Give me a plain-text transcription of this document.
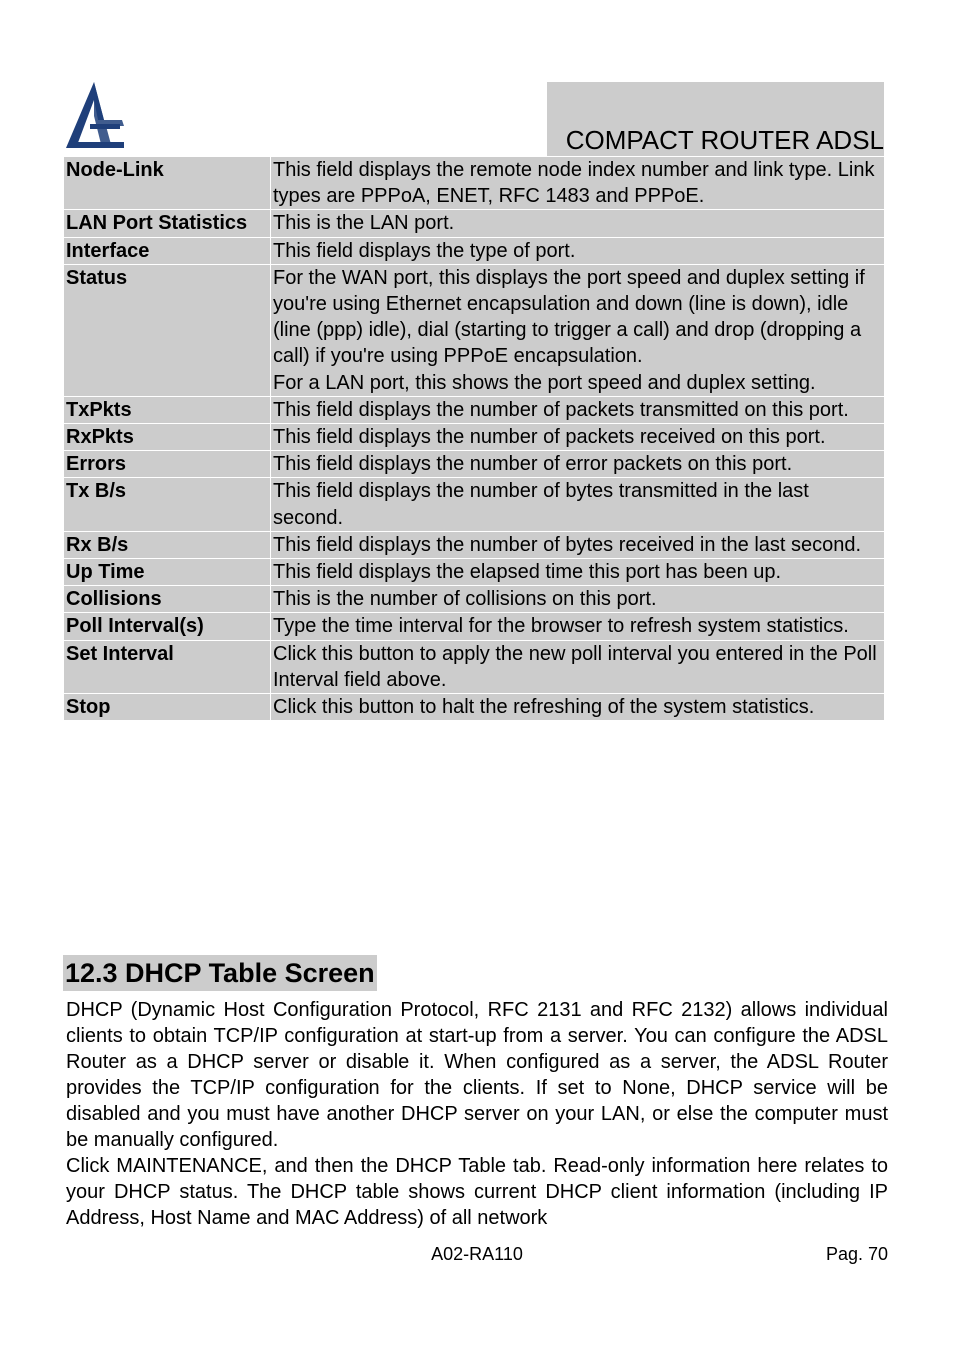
COMPACT ROUTER ADSL
Node-Link	This field displays the remote node index number and link type. Link types are PPPoA, ENET, RFC 1483 and PPPoE.
LAN Port Statistics	This is the LAN port.
Interface	This field displays the type of port.
Status	For the WAN port, this displays the port speed and duplex setting if you're using Ethernet encapsulation and down (line is down), idle (line (ppp) idle), dial (starting to trigger a call) and drop (dropping a call) if you're using PPPoE encapsulation.
For a LAN port, this shows the port speed and duplex setting.

TxPkts	This field displays the number of packets transmitted on this port.
RxPkts	This field displays the number of packets received on this port.
Errors	This field displays the number of error packets on this port.
Tx B/s	This field displays the number of bytes transmitted in the last second.
Rx B/s	This field displays the number of bytes received in the last second.
Up Time	This field displays the elapsed time this port has been up.
Collisions	This is the number of collisions on this port.
Poll Interval(s)	Type the time interval for the browser to refresh system statistics.
Set Interval	Click this button to apply the new poll interval you entered in the Poll Interval field above.
Stop	Click this button to halt the refreshing of the system statistics.
12.3 DHCP Table Screen

DHCP (Dynamic Host Configuration Protocol, RFC 2131 and RFC 2132) allows individual clients to obtain TCP/IP configuration at start-up from a server. You can configure the ADSL Router as a DHCP server or disable it. When configured as a server, the ADSL Router provides the TCP/IP configuration for the clients. If set to None, DHCP service will be disabled and you must have another DHCP server on your LAN, or else the computer must be manually configured.

Click MAINTENANCE, and then the DHCP Table tab. Read-only information here relates to your DHCP status. The DHCP table shows current DHCP client information (including IP Address, Host Name and MAC Address) of all network

A02-RA110	Pag. 70
